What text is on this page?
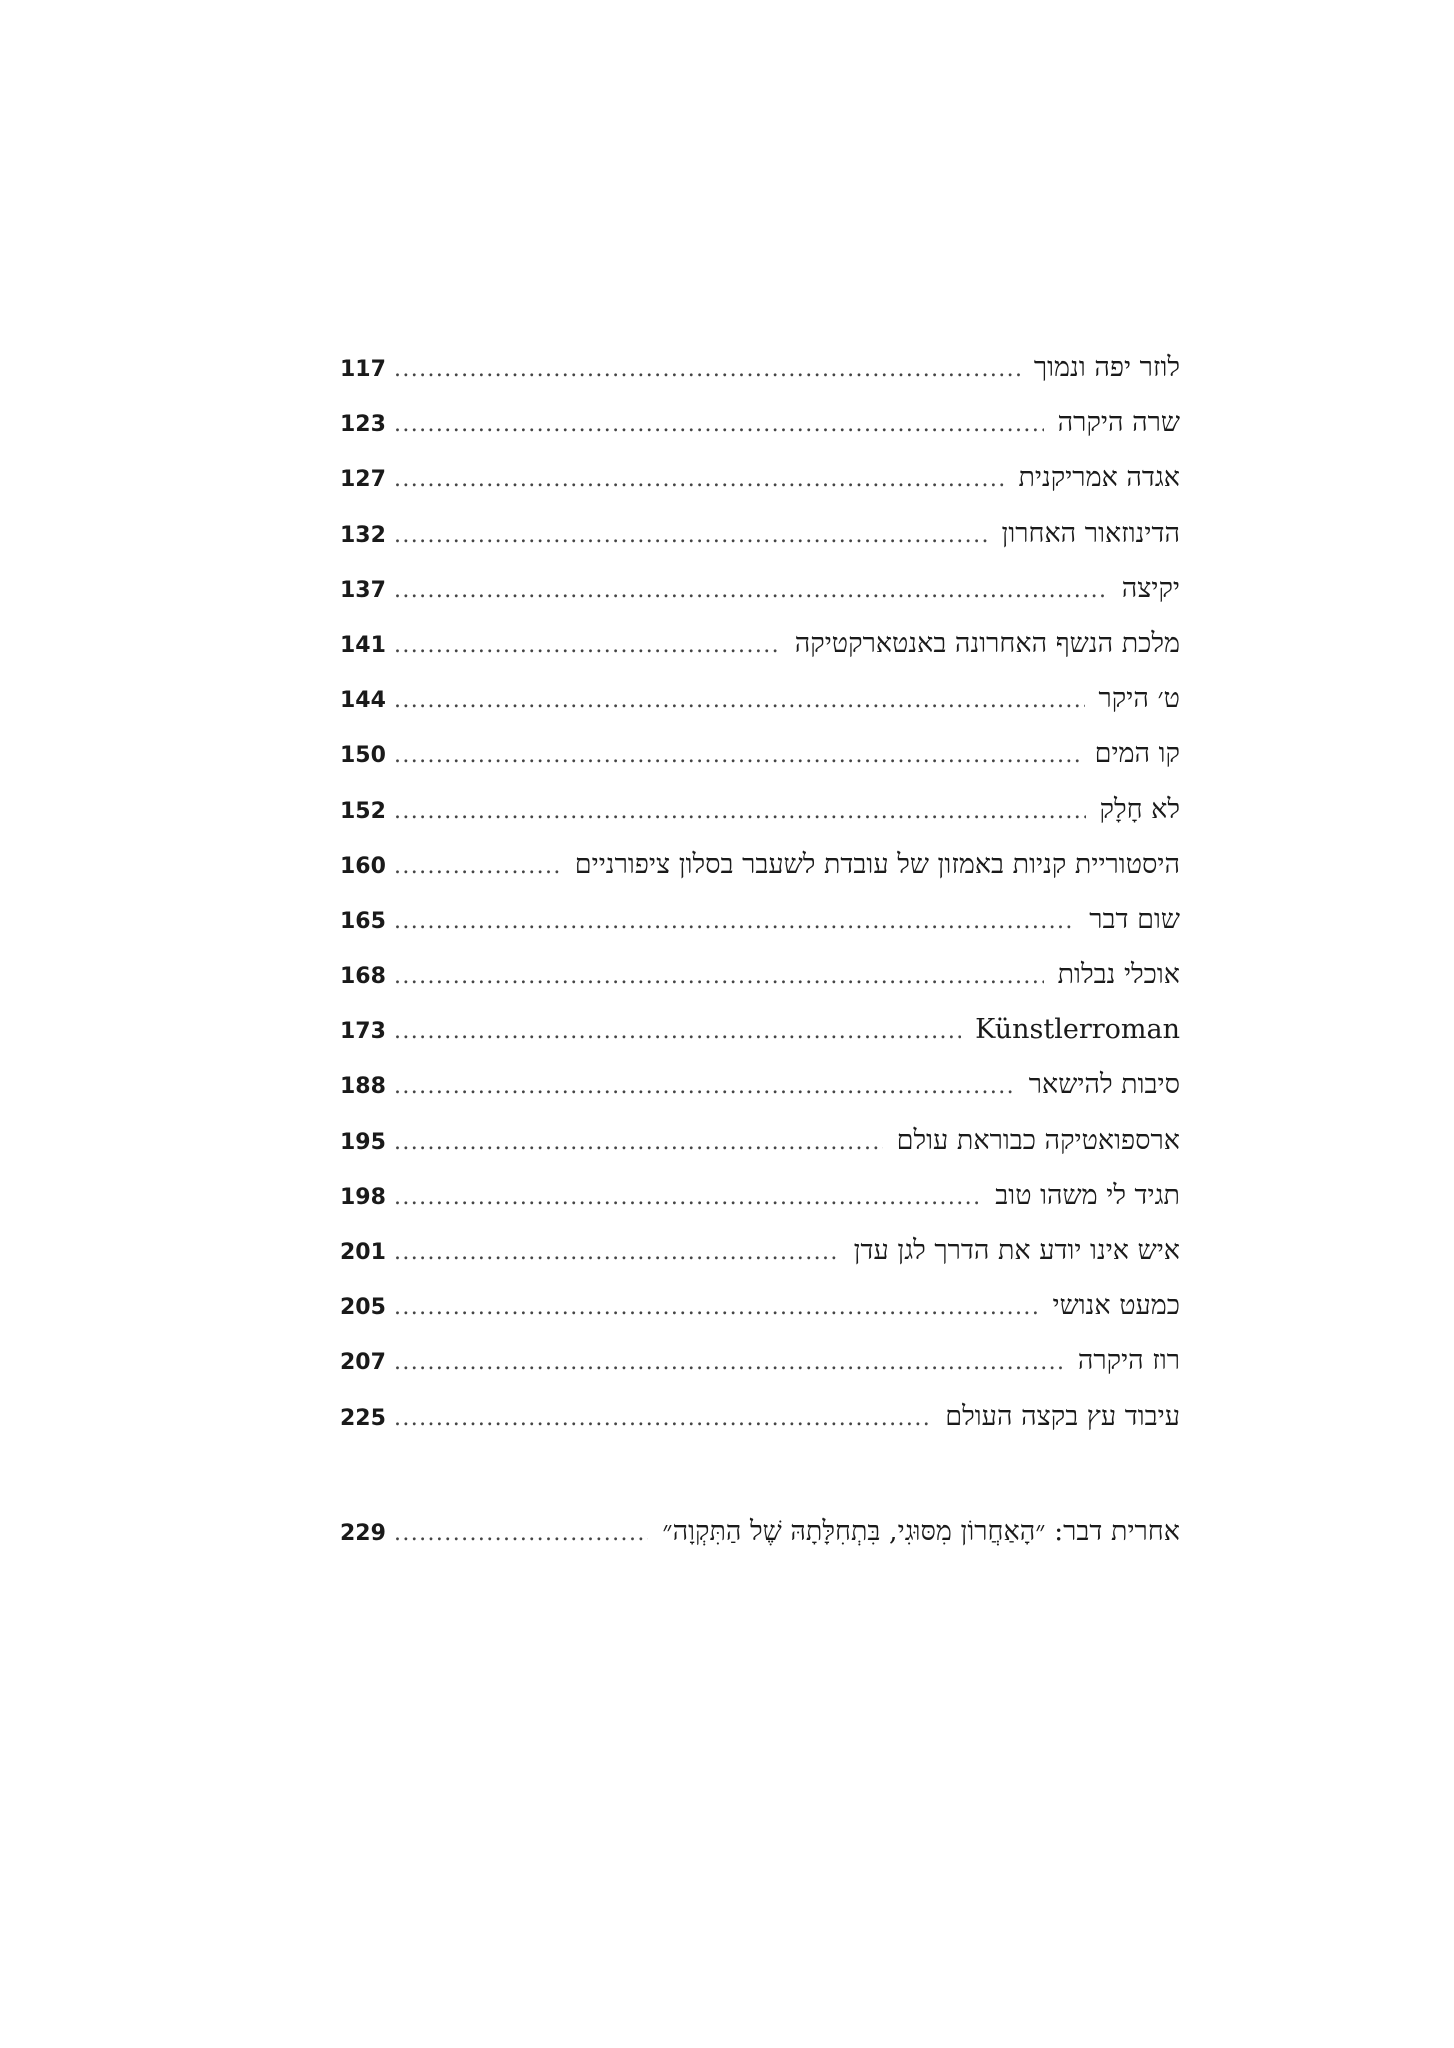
לוזר יפה ונמוך
.....
117
שרה היקרה
.....
123
אגדה אמריקנית
.....
127
הדינוזאור האחרון
.....
132
יקיצה
.....
137
מלכת הנשף האחרונה באנטארקטיקה
.....
141
ט׳ היקר
.....
144
קו המים
.....
150
לא חָלָק
.....
152
היסטוריית קניות באמזון של עובדת לשעבר בסלון ציפורניים
.....
160
שום דבר
.....
165
אוכלי נבלות
.....
168
Künstlerroman
.....
173
סיבות להישאר
.....
188
ארספואטיקה כבוראת עולם
.....
195
תגיד לי משהו טוב
.....
198
איש אינו יודע את הדרך לגן עדן
.....
201
כמעט אנושי
.....
205
רוז היקרה
.....
207
עיבוד עץ בקצה העולם
.....
225
אחרית דבר: ״הָאַחֲרוֹן מִסּוּגִי, בִּתְחִלָּתָהּ שֶׁל הַתִּקְוָה״
.....
229
